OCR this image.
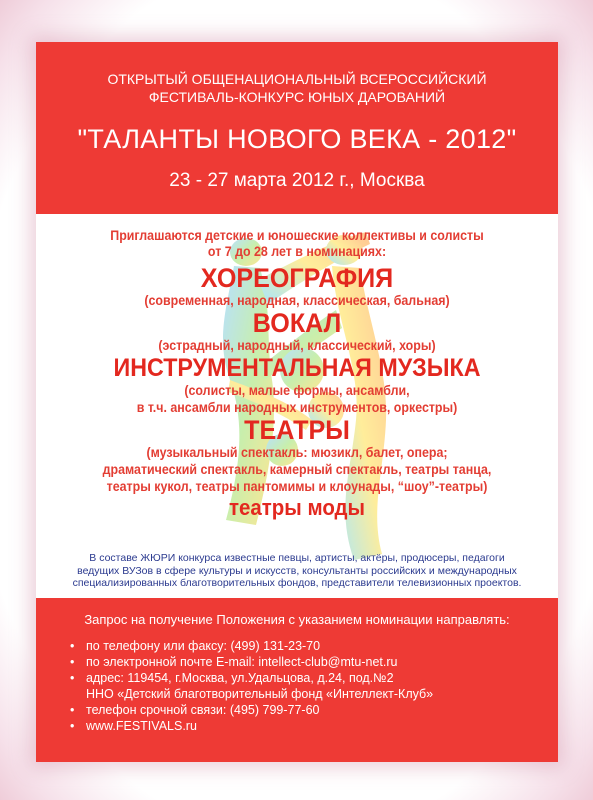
ОТКРЫТЫЙ ОБЩЕНАЦИОНАЛЬНЫЙ ВСЕРОССИЙСКИЙ
ФЕСТИВАЛЬ-КОНКУРС ЮНЫХ ДАРОВАНИЙ
"ТАЛАНТЫ НОВОГО ВЕКА - 2012"
23 - 27 марта 2012 г., Москва
Приглашаются детские и юношеские коллективы и солисты
от 7 до 28 лет в номинациях:
ХОРЕОГРАФИЯ
(современная, народная, классическая, бальная)
ВОКАЛ
(эстрадный, народный, классический, хоры)
ИНСТРУМЕНТАЛЬНАЯ МУЗЫКА
(солисты, малые формы, ансамбли,
в т.ч. ансамбли народных инструментов, оркестры)
ТЕАТРЫ
(музыкальный спектакль: мюзикл, балет, опера;
драматический спектакль, камерный спектакль, театры танца,
театры кукол, театры пантомимы и клоунады, “шоу”-театры)
театры моды
В составе ЖЮРИ конкурса известные певцы, артисты, актёры, продюсеры, педагоги
ведущих ВУЗов в сфере культуры и искусств, консультанты российских и международных
специализированных благотворительных фондов, представители телевизионных проектов.
Запрос на получение Положения с указанием номинации направлять:
• по телефону или факсу: (499) 131-23-70
• по электронной почте E-mail: intellect-club@mtu-net.ru
• адрес: 119454, г.Москва, ул.Удальцова, д.24, под.№2
ННО «Детский благотворительный фонд «Интеллект-Клуб»
• телефон срочной связи: (495) 799-77-60
• www.FESTIVALS.ru
